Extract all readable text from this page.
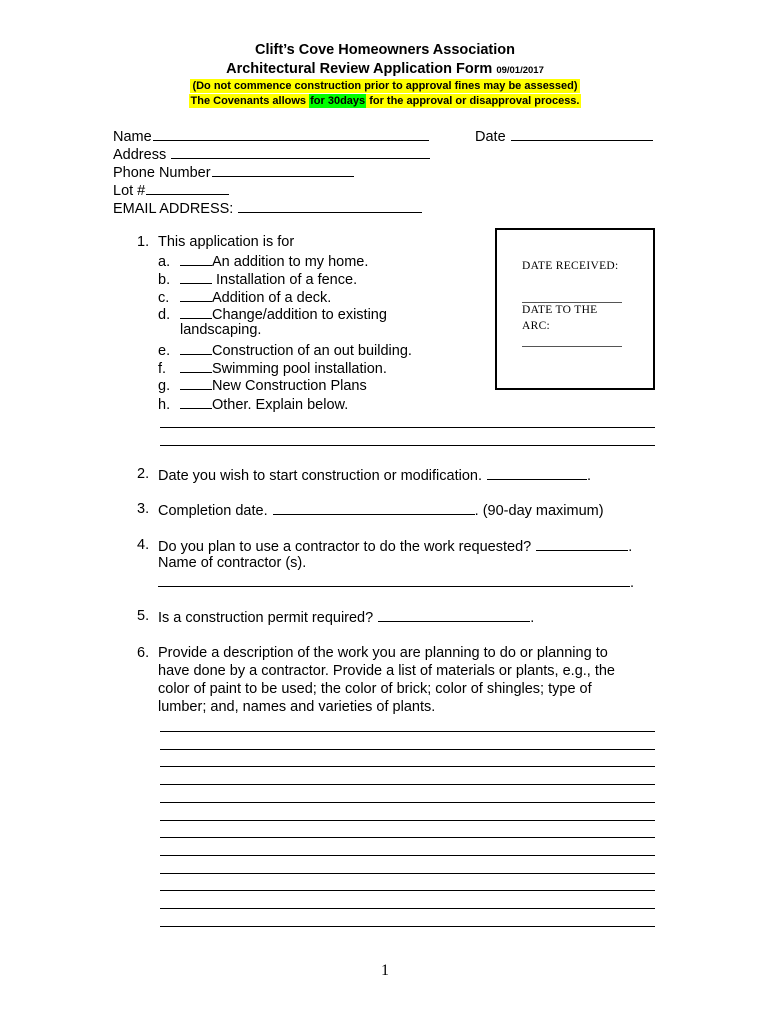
Clift’s Cove Homeowners Association
Architectural Review Application Form 09/01/2017
(Do not commence construction prior to approval fines may be assessed)
The Covenants allows for 30days for the approval or disapproval process.
Name	Date
Address
Phone Number
Lot #
EMAIL ADDRESS:
1. This application is for
a.	An addition to my home.
b.	Installation of a fence.
c.	Addition of a deck.
d.	Change/addition to existing
landscaping.
e.	Construction of an out building.
f.	Swimming pool installation.
g.	New Construction Plans
h.	Other. Explain below.
DATE RECEIVED:
DATE TO THE
ARC:
2. Date you wish to start construction or modification.	.
3. Completion date.	. (90-day maximum)
4. Do you plan to use a contractor to do the work requested?	.
Name of contractor (s).
.
5. Is a construction permit required?	.
6. Provide a description of the work you are planning to do or planning to
have done by a contractor. Provide a list of materials or plants, e.g., the
color of paint to be used; the color of brick; color of shingles; type of
lumber; and, names and varieties of plants.
1
